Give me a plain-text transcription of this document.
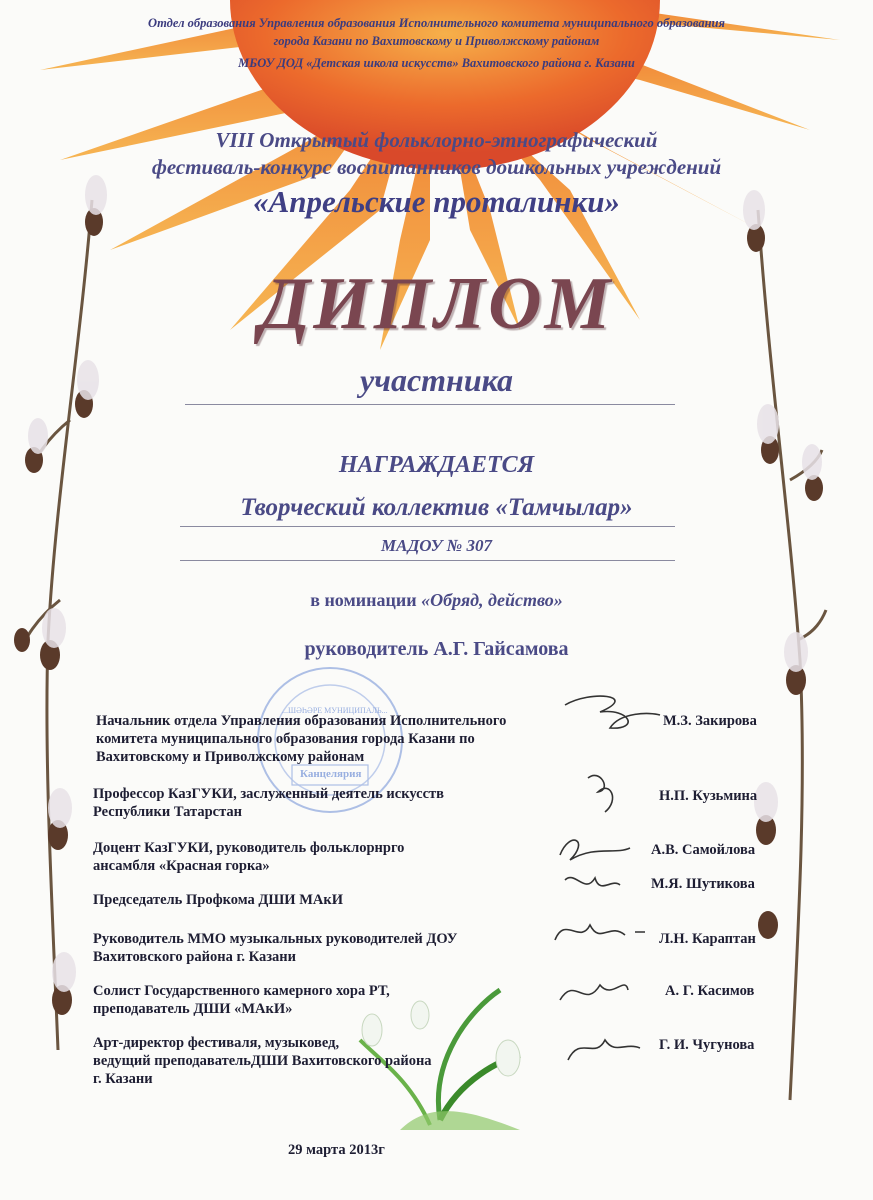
Отдел образования Управления образования Исполнительного комитета муниципального образования

города Казани по Вахитовскому и Приволжскому районам

МБОУ ДОД «Детская школа искусств» Вахитовского района г. Казани

VIII Открытый фольклорно-этнографический

фестиваль-конкурс воспитанников дошкольных учреждений

«Апрельские проталинки»

ДИПЛОМ

участника

НАГРАЖДАЕТСЯ

Творческий коллектив «Тамчылар»

МАДОУ № 307

в номинации «Обряд, действо»

руководитель А.Г. Гайсамова

...ШӘҺӘРЕ МУНИЦИПАЛЬ...

Канцелярия

Начальник отдела Управления образования Исполнительного

комитета муниципального образования города Казани по

Вахитовскому и Приволжскому районам

М.З. Закирова

Профессор КазГУКИ, заслуженный деятель искусств

Республики Татарстан

Н.П. Кузьмина

Доцент КазГУКИ, руководитель фольклорнрго

ансамбля «Красная горка»

А.В. Самойлова

Председатель Профкома ДШИ МАкИ

М.Я. Шутикова

Руководитель ММО музыкальных руководителей ДОУ

Вахитовского района г. Казани

Л.Н. Караптан

Солист Государственного камерного хора РТ,

преподаватель ДШИ «МАкИ»

А. Г. Касимов

Арт-директор фестиваля, музыковед,

ведущий преподавательДШИ Вахитовского района

г. Казани

Г. И. Чугунова

29 марта 2013г
